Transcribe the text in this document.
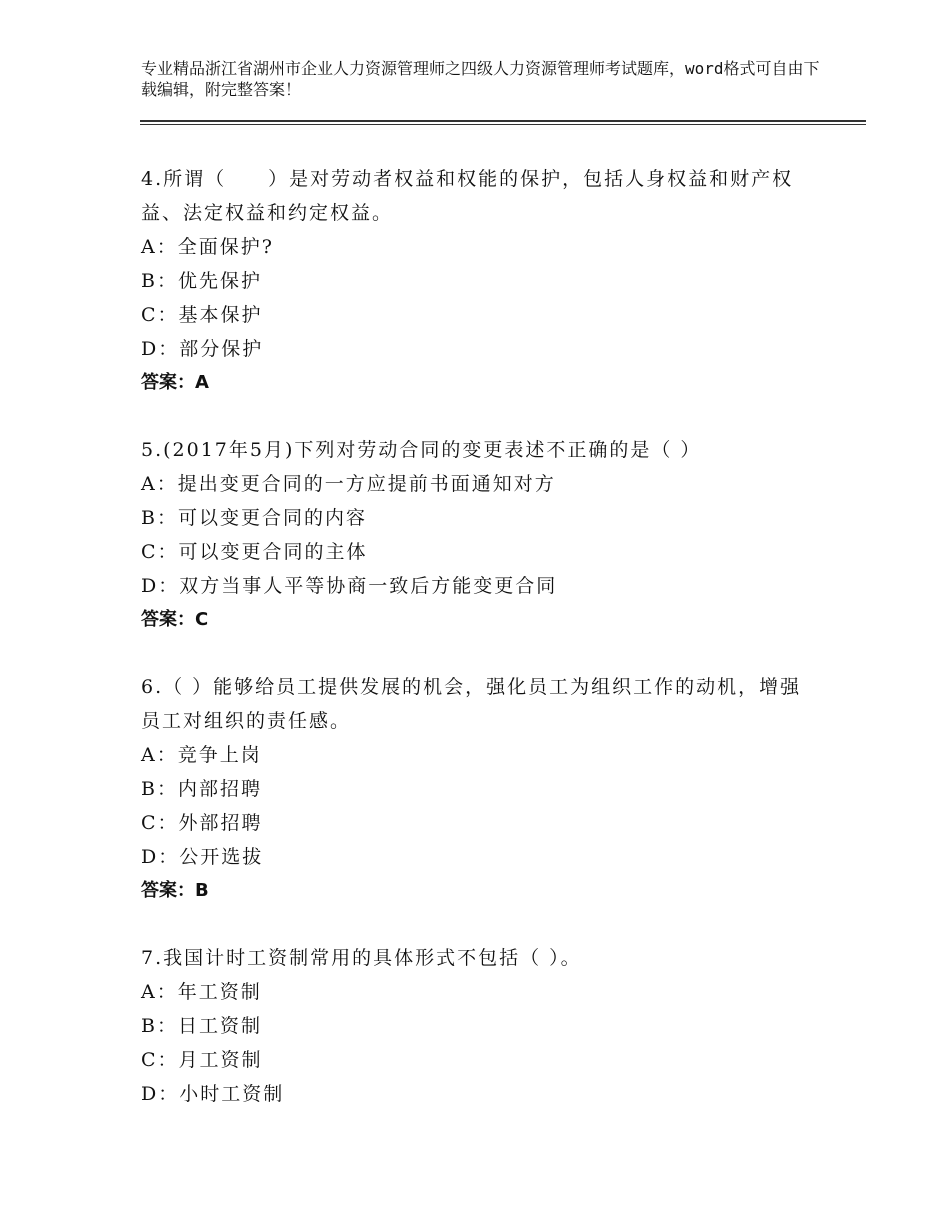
专业精品浙江省湖州市企业人力资源管理师之四级人力资源管理师考试题库，word格式可自由下载编辑，附完整答案！
4.所谓（　　）是对劳动者权益和权能的保护，包括人身权益和财产权益、法定权益和约定权益。
A：全面保护?
B：优先保护
C：基本保护
D：部分保护
答案：A
5.(2017年5月)下列对劳动合同的变更表述不正确的是（ ）
A：提出变更合同的一方应提前书面通知对方
B：可以变更合同的内容
C：可以变更合同的主体
D：双方当事人平等协商一致后方能变更合同
答案：C
6.（ ）能够给员工提供发展的机会，强化员工为组织工作的动机，增强员工对组织的责任感。
A：竞争上岗
B：内部招聘
C：外部招聘
D：公开选拔
答案：B
7.我国计时工资制常用的具体形式不包括（ ）。
A：年工资制
B：日工资制
C：月工资制
D：小时工资制
